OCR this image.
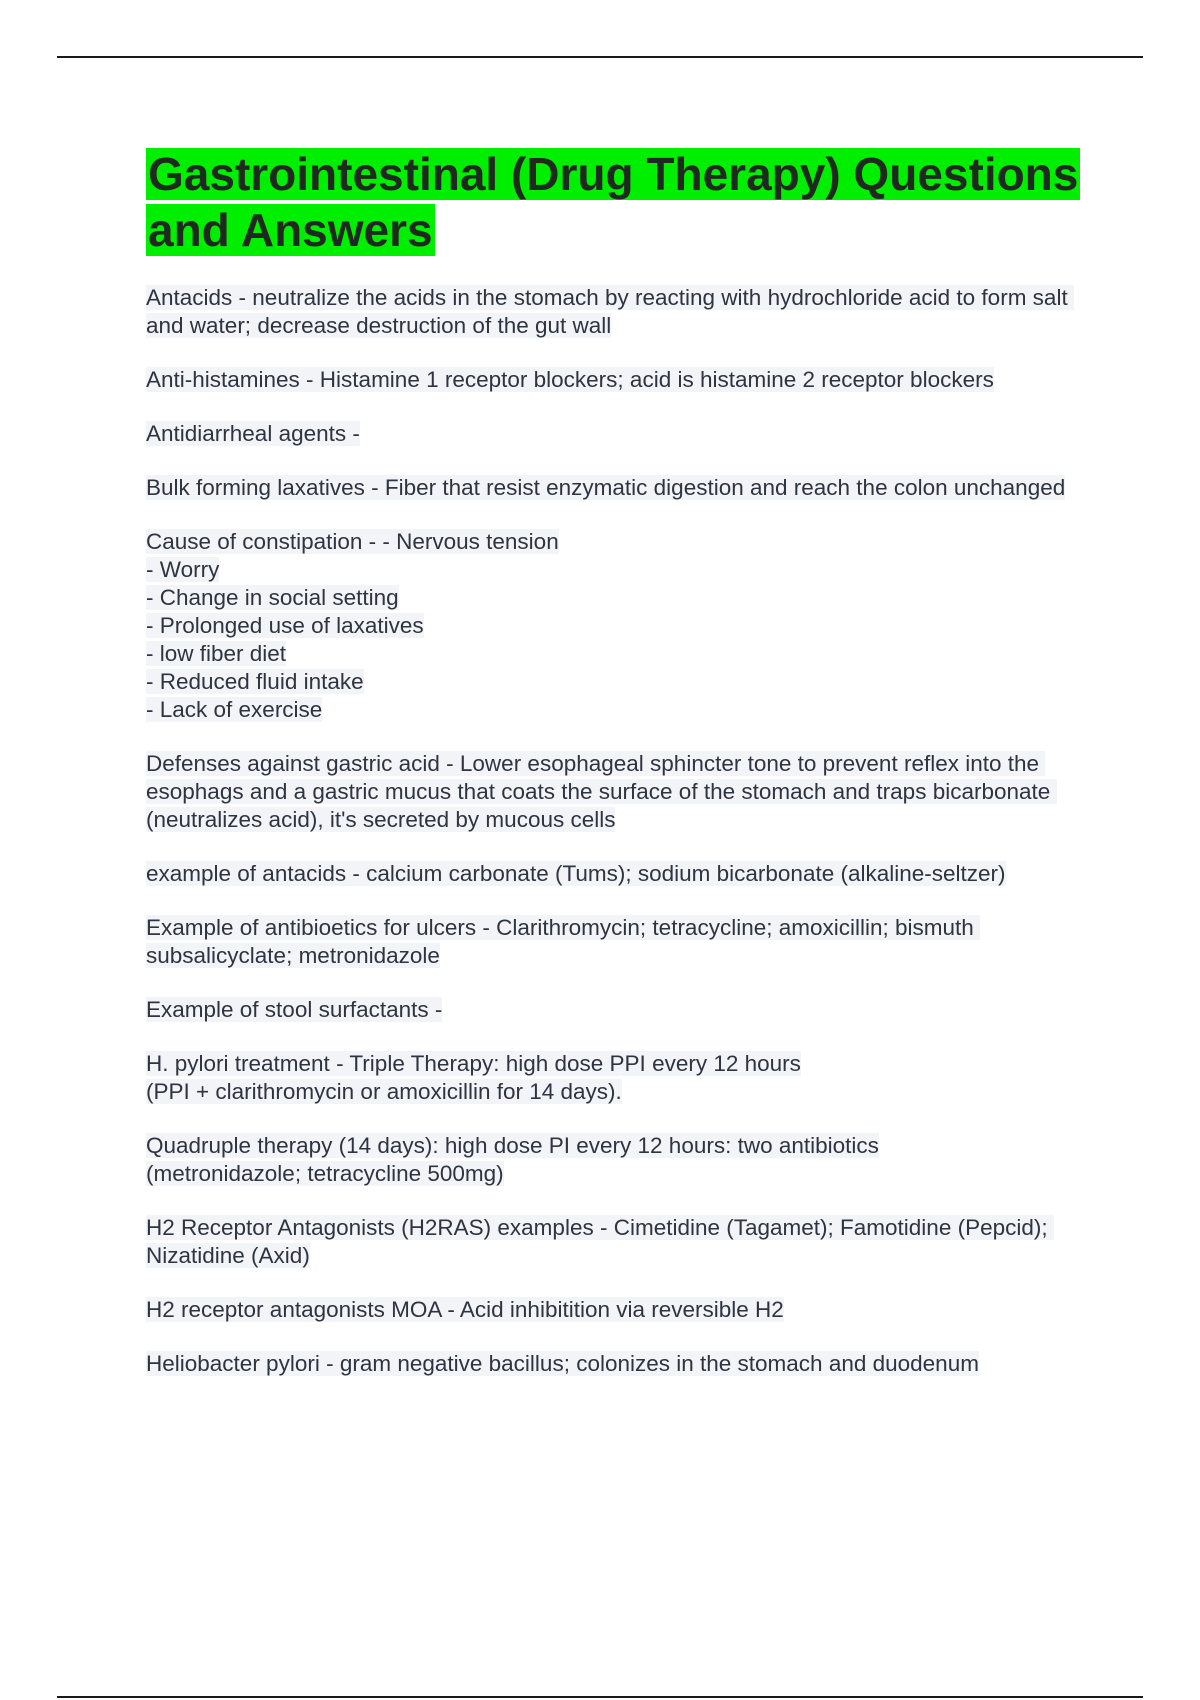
Gastrointestinal (Drug Therapy) Questions and Answers

Antacids - neutralize the acids in the stomach by reacting with hydrochloride acid to form salt and water; decrease destruction of the gut wall

Anti-histamines - Histamine 1 receptor blockers; acid is histamine 2 receptor blockers

Antidiarrheal agents -

Bulk forming laxatives - Fiber that resist enzymatic digestion and reach the colon unchanged

Cause of constipation - - Nervous tension
- Worry
- Change in social setting
- Prolonged use of laxatives
- low fiber diet
- Reduced fluid intake
- Lack of exercise

Defenses against gastric acid - Lower esophageal sphincter tone to prevent reflex into the esophags and a gastric mucus that coats the surface of the stomach and traps bicarbonate (neutralizes acid), it's secreted by mucous cells

example of antacids - calcium carbonate (Tums); sodium bicarbonate (alkaline-seltzer)

Example of antibioetics for ulcers - Clarithromycin; tetracycline; amoxicillin; bismuth subsalicyclate; metronidazole

Example of stool surfactants -

H. pylori treatment - Triple Therapy: high dose PPI every 12 hours
(PPI + clarithromycin or amoxicillin for 14 days).

Quadruple therapy (14 days): high dose PI every 12 hours: two antibiotics
(metronidazole; tetracycline 500mg)

H2 Receptor Antagonists (H2RAS) examples - Cimetidine (Tagamet); Famotidine (Pepcid); Nizatidine (Axid)

H2 receptor antagonists MOA - Acid inhibitition via reversible H2

Heliobacter pylori - gram negative bacillus; colonizes in the stomach and duodenum
